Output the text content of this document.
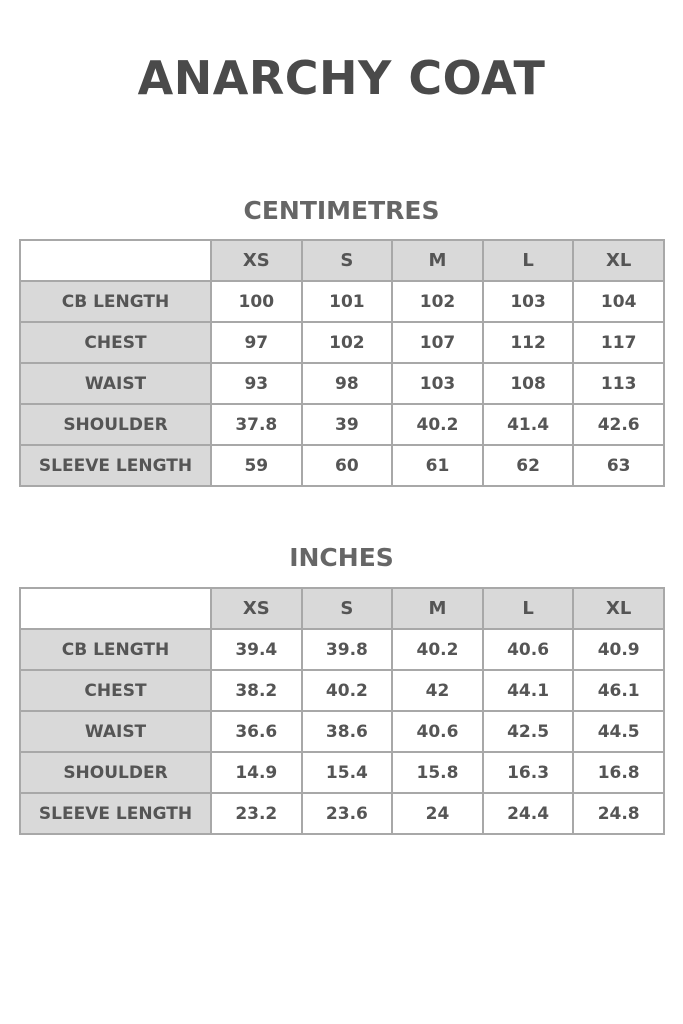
ANARCHY COAT
CENTIMETRES
	XS	S	M	L	XL
CB LENGTH	100	101	102	103	104
CHEST	97	102	107	112	117
WAIST	93	98	103	108	113
SHOULDER	37.8	39	40.2	41.4	42.6
SLEEVE LENGTH	59	60	61	62	63
INCHES
	XS	S	M	L	XL
CB LENGTH	39.4	39.8	40.2	40.6	40.9
CHEST	38.2	40.2	42	44.1	46.1
WAIST	36.6	38.6	40.6	42.5	44.5
SHOULDER	14.9	15.4	15.8	16.3	16.8
SLEEVE LENGTH	23.2	23.6	24	24.4	24.8
